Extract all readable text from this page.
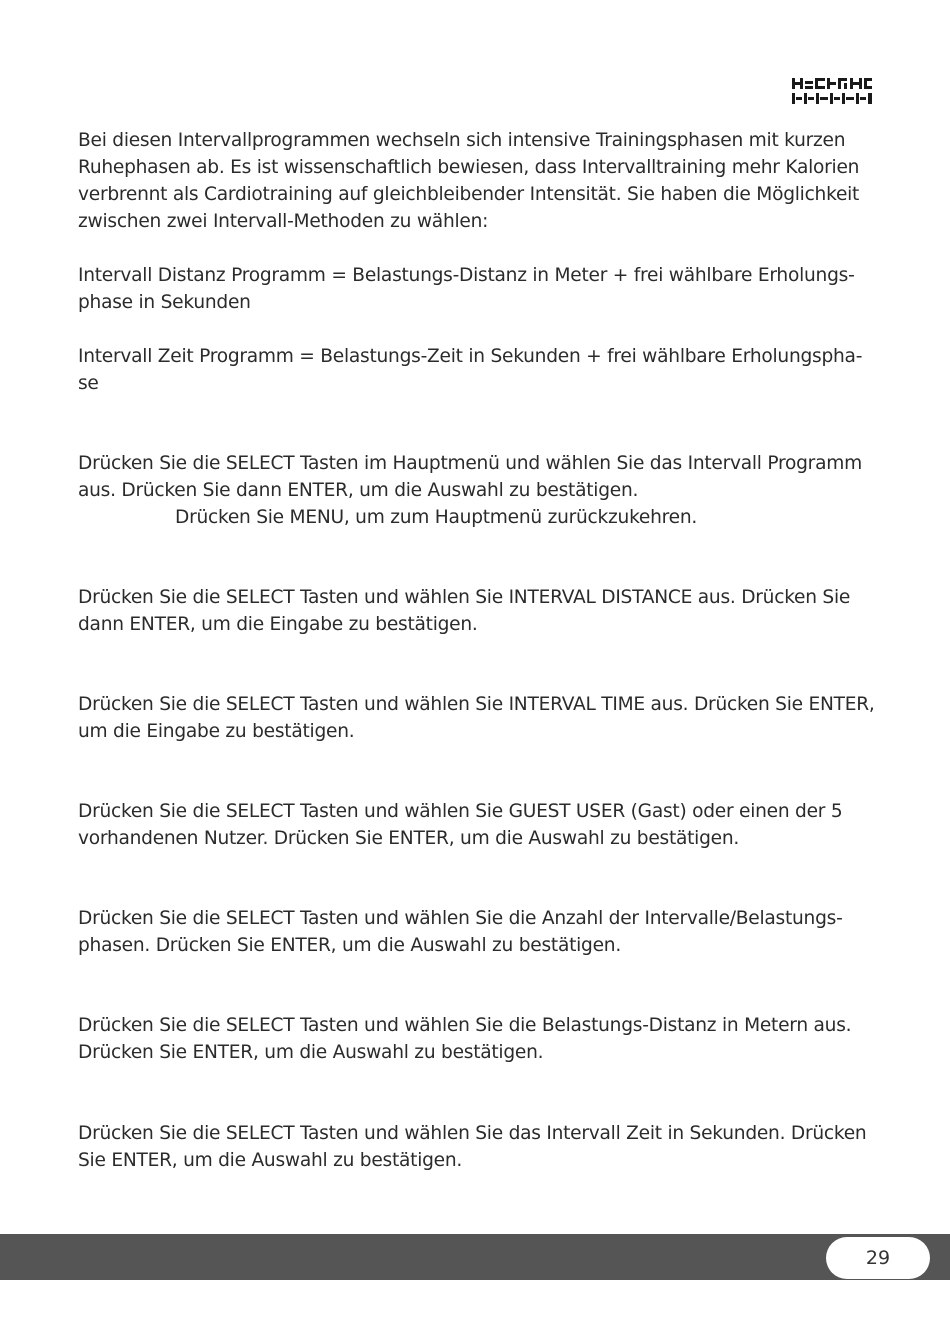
Bei diesen Intervallprogrammen wechseln sich intensive Trainingsphasen mit kurzen
Ruhephasen ab. Es ist wissenschaftlich bewiesen, dass Intervalltraining mehr Kalorien
verbrennt als Cardiotraining auf gleichbleibender Intensität. Sie haben die Möglichkeit
zwischen zwei Intervall-Methoden zu wählen:

Intervall Distanz Programm = Belastungs-Distanz in Meter + frei wählbare Erholungs-
phase in Sekunden

Intervall Zeit Programm = Belastungs-Zeit in Sekunden + frei wählbare Erholungspha-
se

Drücken Sie die SELECT Tasten im Hauptmenü und wählen Sie das Intervall Programm
aus. Drücken Sie dann ENTER, um die Auswahl zu bestätigen.
Drücken Sie MENU, um zum Hauptmenü zurückzukehren.

Drücken Sie die SELECT Tasten und wählen Sie INTERVAL DISTANCE aus. Drücken Sie
dann ENTER, um die Eingabe zu bestätigen.

Drücken Sie die SELECT Tasten und wählen Sie INTERVAL TIME aus. Drücken Sie ENTER,
um die Eingabe zu bestätigen.

Drücken Sie die SELECT Tasten und wählen Sie GUEST USER (Gast) oder einen der 5
vorhandenen Nutzer. Drücken Sie ENTER, um die Auswahl zu bestätigen.

Drücken Sie die SELECT Tasten und wählen Sie die Anzahl der Intervalle/Belastungs-
phasen. Drücken Sie ENTER, um die Auswahl zu bestätigen.

Drücken Sie die SELECT Tasten und wählen Sie die Belastungs-Distanz in Metern aus.
Drücken Sie ENTER, um die Auswahl zu bestätigen.

Drücken Sie die SELECT Tasten und wählen Sie das Intervall Zeit in Sekunden. Drücken
Sie ENTER, um die Auswahl zu bestätigen.

29
